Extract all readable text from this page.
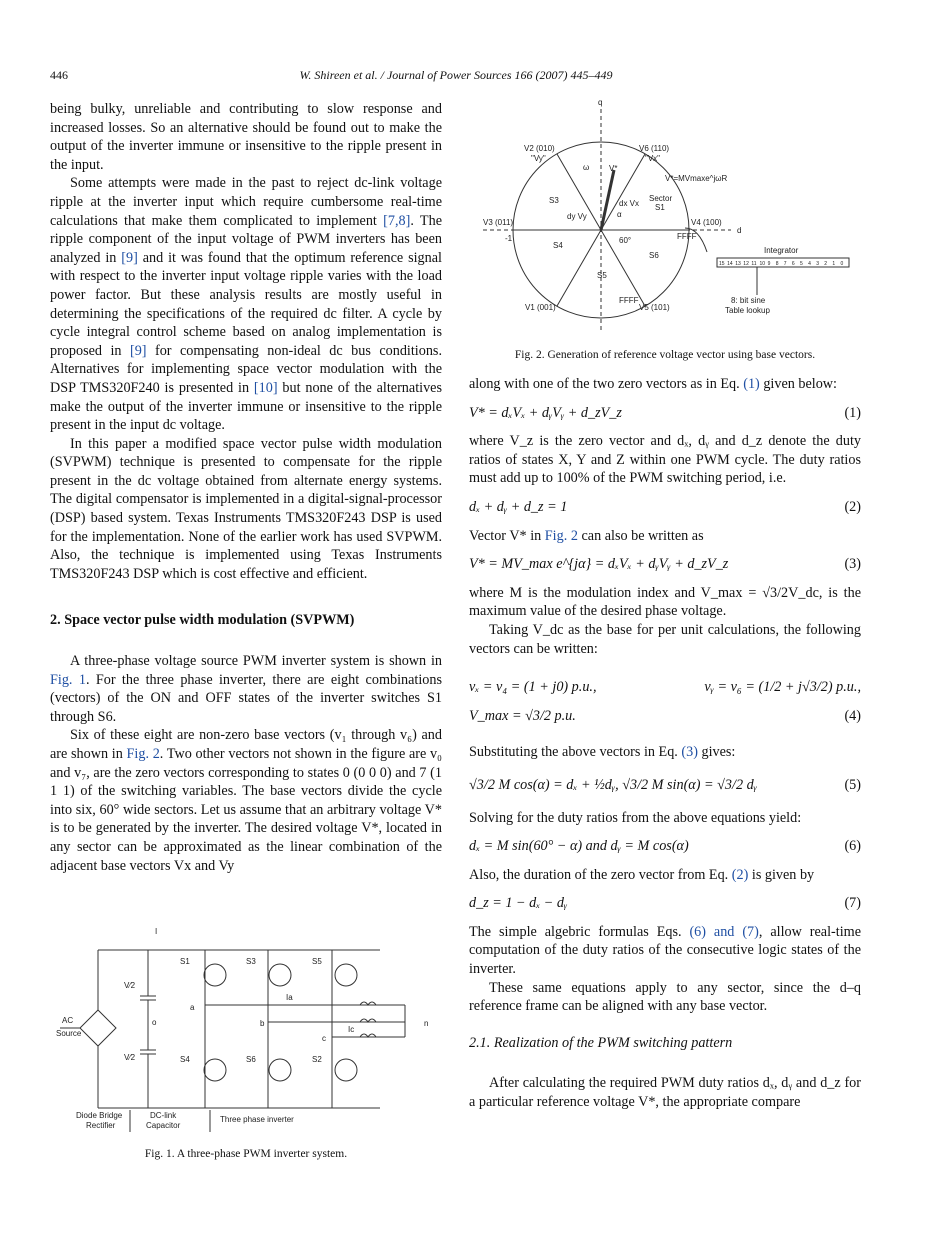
446	W. Shireen et al. / Journal of Power Sources 166 (2007) 445–449

being bulky, unreliable and contributing to slow response and increased losses. So an alternative should be found out to make the output of the inverter immune or insensitive to the ripple present in the input.

Some attempts were made in the past to reject dc-link voltage ripple at the inverter input which require cumbersome real-time calculations that make them complicated to implement [7,8]. The ripple component of the input voltage of PWM inverters has been analyzed in [9] and it was found that the optimum reference signal with respect to the inverter input voltage ripple varies with the load power factor. But these analysis results are mostly useful in determining the specifications of the required dc filter. A cycle by cycle integral control scheme based on analog implementation is proposed in [9] for compensating non-ideal dc bus conditions. Alternatives for implementing space vector modulation with the DSP TMS320F240 is presented in [10] but none of the alternatives make the output of the inverter immune or insensitive to the ripple present in the input dc voltage.

In this paper a modified space vector pulse width modulation (SVPWM) technique is presented to compensate for the ripple present in the dc voltage obtained from alternate energy systems. The digital compensator is implemented in a digital-signal-processor (DSP) based system. Texas Instruments TMS320F243 DSP is used for the implementation. None of the earlier work has used SVPWM. Also, the technique is implemented using Texas Instruments TMS320F243 DSP which is cost effective and efficient.

2. Space vector pulse width modulation (SVPWM)

A three-phase voltage source PWM inverter system is shown in Fig. 1. For the three phase inverter, there are eight combinations (vectors) of the ON and OFF states of the inverter switches S1 through S6.

Six of these eight are non-zero base vectors (v₁ through v₆) and are shown in Fig. 2. Two other vectors not shown in the figure are v₀ and v₇, are the zero vectors corresponding to states 0 (0 0 0) and 7 (1 1 1) of the switching variables. The base vectors divide the cycle into six, 60° wide sectors. Let us assume that an arbitrary voltage V* is to be generated by the inverter. The desired voltage V*, located in any sector can be approximated as the linear combination of the adjacent base vectors Vx and Vy

I
S1	S3	S5
S4	S6	S2
V⁄2
V⁄2
AC
Source
o
a
b
c
n
Ia
Ic
Diode Bridge
Rectifier
DC-link
Capacitor
Three phase inverter
Fig. 1. A three-phase PWM inverter system.
q
d
V2 (010)
"Vy"
V6 (110)
"Vx"
V3 (011)	V4 (100)
V1 (001)	V5 (101)
S3
S4
S5
S6
Sector
S1
V*
V*=MVmaxe^jωR
ω
α
dx Vx
dy Vy
60°
-1	FFFF
FFFF
Integrator
8: bit sine
Table lookup
15 14 13 12 11 10 9 8 7 6 5 4 3 2 1 0
Fig. 2. Generation of reference voltage vector using base vectors.

along with one of the two zero vectors as in Eq. (1) given below:

V* = dₓVₓ + dᵧVᵧ + d_zV_z	(1)

where V_z is the zero vector and dₓ, dᵧ and d_z denote the duty ratios of states X, Y and Z within one PWM cycle. The duty ratios must add up to 100% of the PWM switching period, i.e.

dₓ + dᵧ + d_z = 1	(2)

Vector V* in Fig. 2 can also be written as

V* = MV_max e^{jα} = dₓVₓ + dᵧVᵧ + d_zV_z	(3)

where M is the modulation index and V_max = √3/2V_dc, is the maximum value of the desired phase voltage.

Taking V_dc as the base for per unit calculations, the following vectors can be written:

vₓ = v₄ = (1 + j0) p.u.,	vᵧ = v₆ = (1/2 + j√3/2) p.u.,
V_max = √3/2 p.u.	(4)

Substituting the above vectors in Eq. (3) gives:

√3/2 M cos(α) = dₓ + ½dᵧ, √3/2 M sin(α) = √3/2 dᵧ	(5)

Solving for the duty ratios from the above equations yield:

dₓ = M sin(60° − α) and dᵧ = M cos(α)	(6)

Also, the duration of the zero vector from Eq. (2) is given by

d_z = 1 − dₓ − dᵧ	(7)

The simple algebric formulas Eqs. (6) and (7), allow real-time computation of the duty ratios of the consecutive logic states of the inverter.

These same equations apply to any sector, since the d–q reference frame can be aligned with any base vector.

2.1. Realization of the PWM switching pattern

After calculating the required PWM duty ratios dₓ, dᵧ and d_z for a particular reference voltage V*, the appropriate compare
